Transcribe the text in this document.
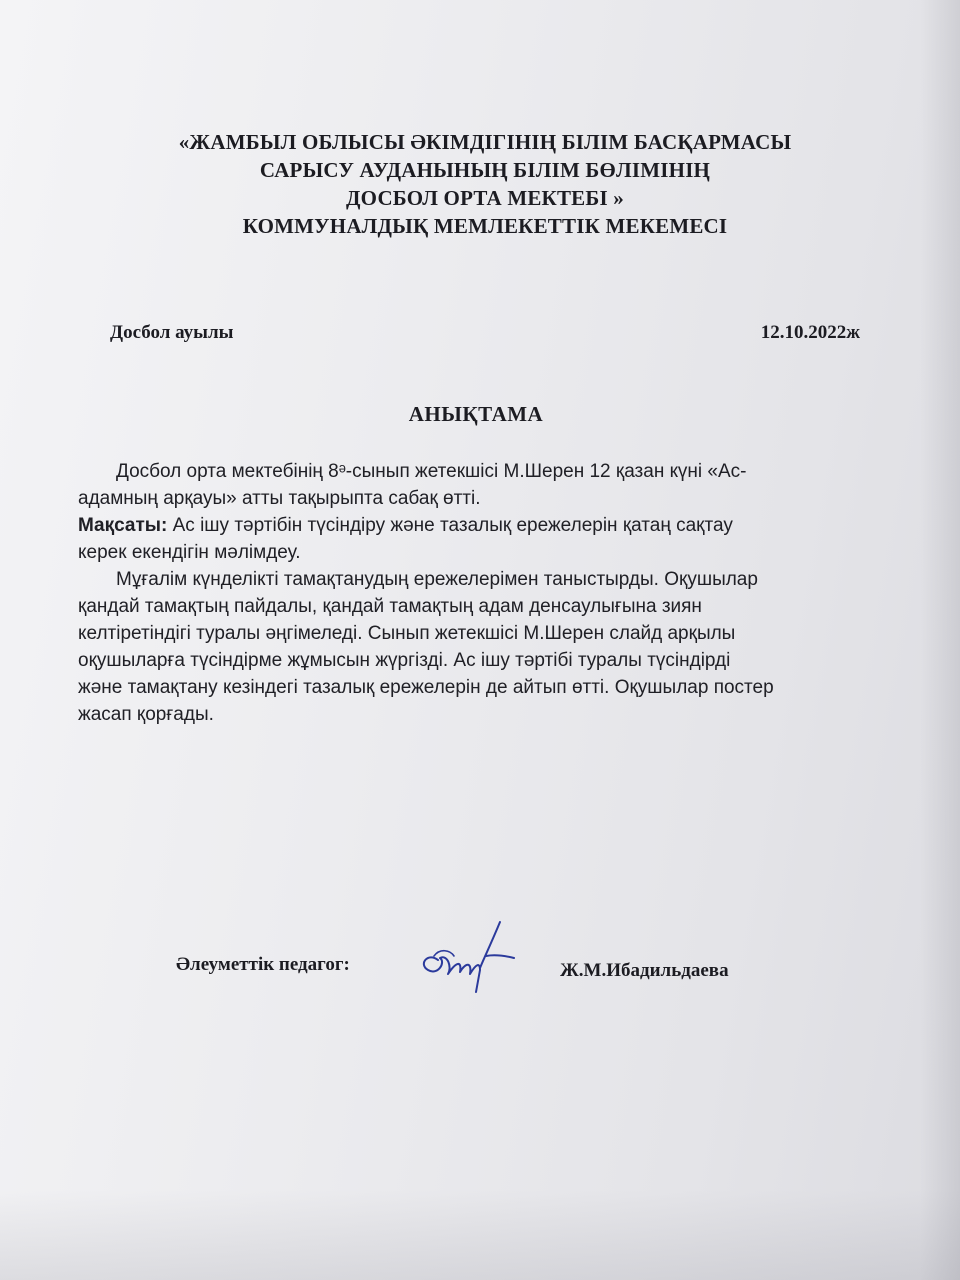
«ЖАМБЫЛ ОБЛЫСЫ ӘКІМДІГІНІҢ БІЛІМ БАСҚАРМАСЫ
САРЫСУ АУДАНЫНЫҢ БІЛІМ БӨЛІМІНІҢ
ДОСБОЛ ОРТА МЕКТЕБІ »
КОММУНАЛДЫҚ МЕМЛЕКЕТТІК МЕКЕМЕСІ
Досбол ауылы	12.10.2022ж
АНЫҚТАМА

Досбол орта мектебінің 8ᵊ-сынып жетекшісі М.Шерен 12 қазан күні «Ас-
адамның арқауы» атты тақырыпта сабақ өтті.

Мақсаты: Ас ішу тәртібін түсіндіру және тазалық ережелерін қатаң сақтау
керек екендігін мәлімдеу.

Мұғалім күнделікті тамақтанудың ережелерімен таныстырды. Оқушылар
қандай тамақтың пайдалы, қандай тамақтың адам денсаулығына зиян
келтіретіндігі туралы әңгімеледі. Сынып жетекшісі М.Шерен слайд арқылы
оқушыларға түсіндірме жұмысын жүргізді. Ас ішу тәртібі туралы түсіндірді
және тамақтану кезіндегі тазалық ережелерін де айтып өтті. Оқушылар постер
жасап қорғады.

Әлеуметтік педагог:	Ж.М.Ибадильдаева
